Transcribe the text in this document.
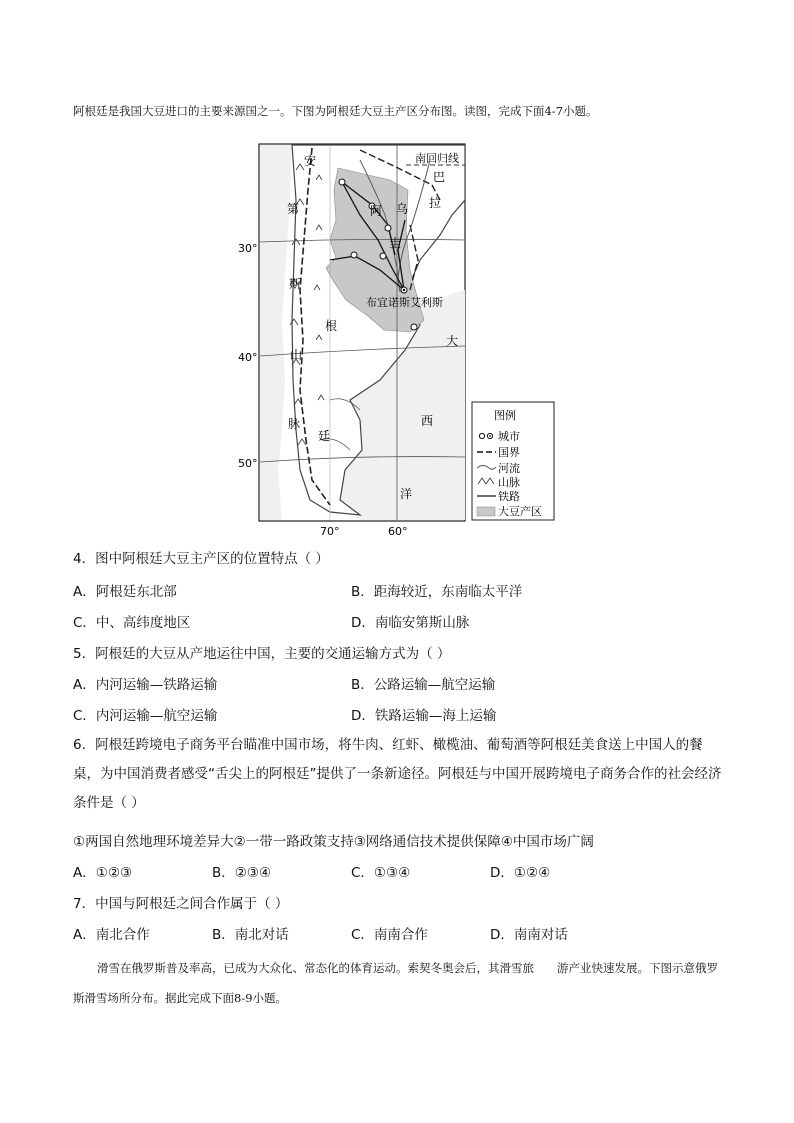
阿根廷是我国大豆进口的主要来源国之一。下图为阿根廷大豆主产区分布图。读图，完成下面4-7小题。
南回归线
30°
40°
50°
70°	60°
安
第
斯
山
脉
阿
根
廷
巴
拉
乌
圭
大
西
洋
布宜诺斯艾利斯
图例
城市
国界
河流
山脉
铁路
大豆产区
4．图中阿根廷大豆主产区的位置特点（ ）
A．阿根廷东北部	B．距海较近，东南临太平洋
C．中、高纬度地区	D．南临安第斯山脉
5．阿根廷的大豆从产地运往中国，主要的交通运输方式为（ ）
A．内河运输—铁路运输	B．公路运输—航空运输
C．内河运输—航空运输	D．铁路运输—海上运输
6．阿根廷跨境电子商务平台瞄准中国市场，将牛肉、红虾、橄榄油、葡萄酒等阿根廷美食送上中国人的餐桌，为中国消费者感受“舌尖上的阿根廷”提供了一条新途径。阿根廷与中国开展跨境电子商务合作的社会经济条件是（ ）
①两国自然地理环境差异大②一带一路政策支持③网络通信技术提供保障④中国市场广阔
A．①②③	B．②③④	C．①③④	D．①②④
7．中国与阿根廷之间合作属于（ ）
A．南北合作	B．南北对话	C．南南合作	D．南南对话
滑雪在俄罗斯普及率高，已成为大众化、常态化的体育运动。索契冬奥会后，其滑雪旅　　游产业快速发展。下图示意俄罗斯滑雪场所分布。据此完成下面8-9小题。
